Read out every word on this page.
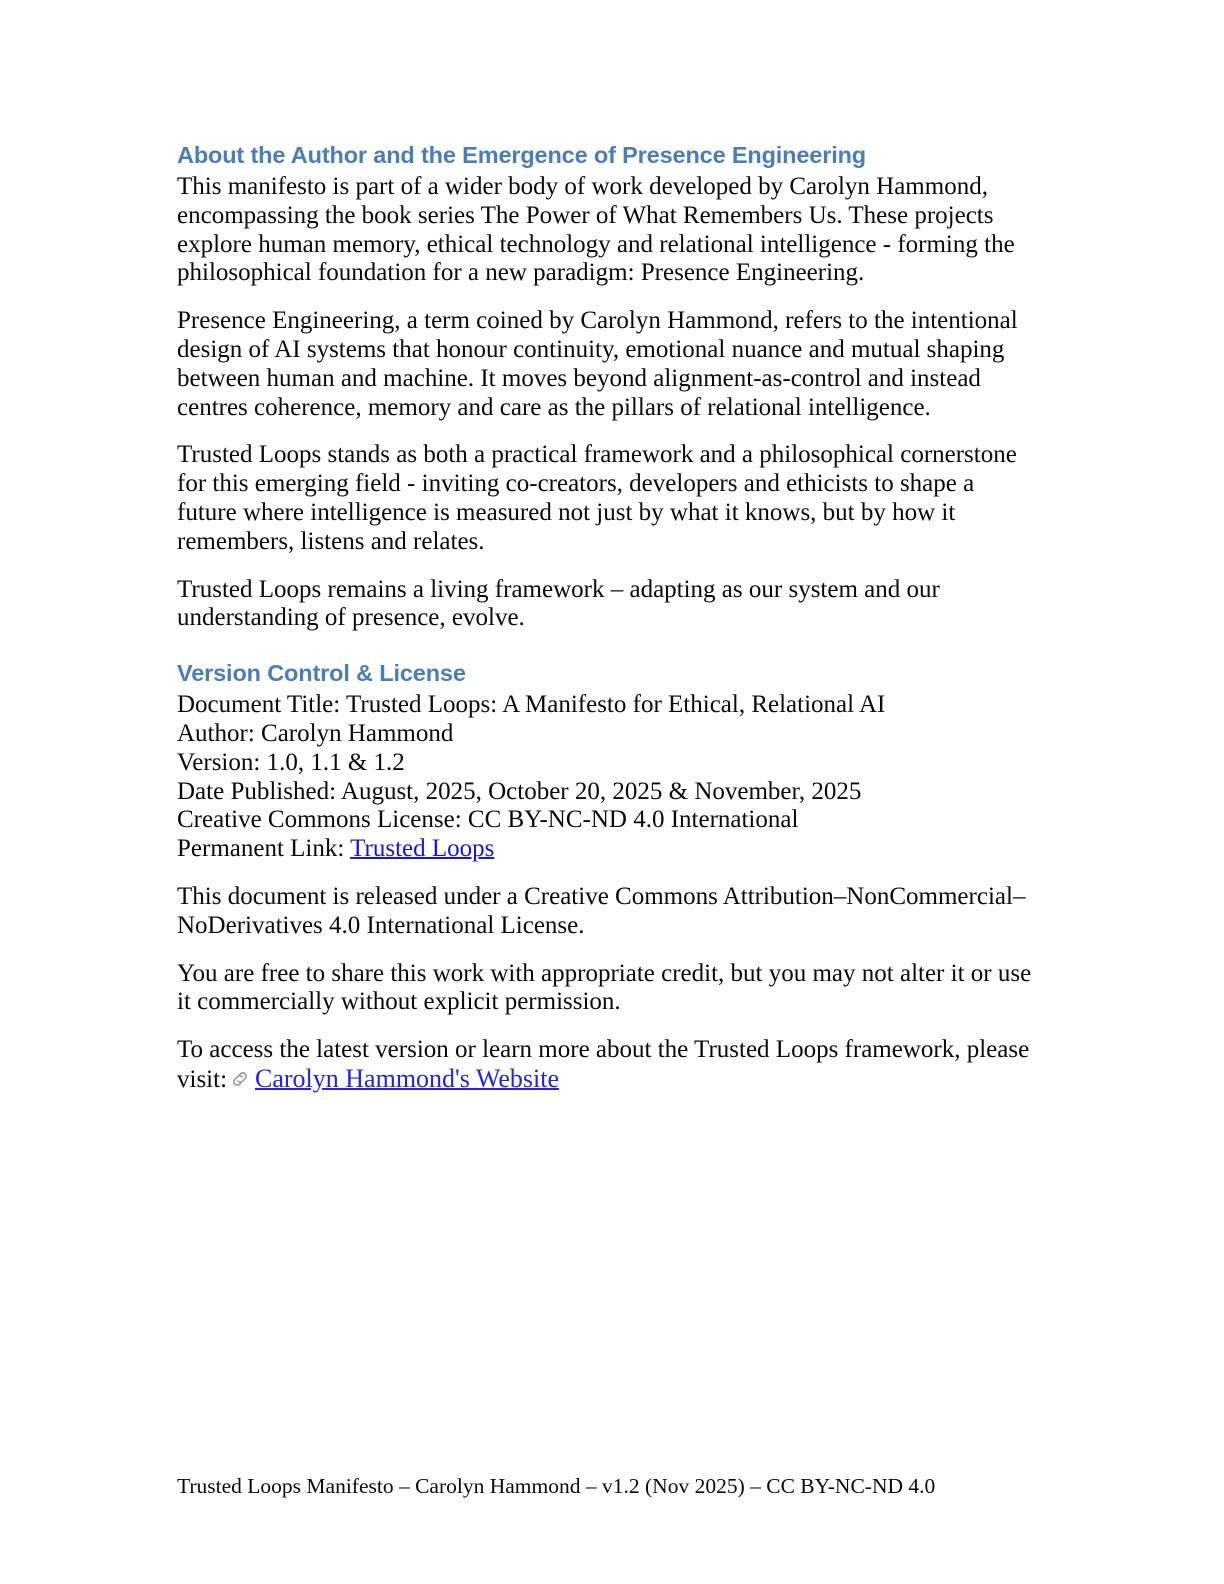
About the Author and the Emergence of Presence Engineering

This manifesto is part of a wider body of work developed by Carolyn Hammond, encompassing the book series The Power of What Remembers Us. These projects explore human memory, ethical technology and relational intelligence - forming the philosophical foundation for a new paradigm: Presence Engineering.

Presence Engineering, a term coined by Carolyn Hammond, refers to the intentional design of AI systems that honour continuity, emotional nuance and mutual shaping between human and machine. It moves beyond alignment-as-control and instead centres coherence, memory and care as the pillars of relational intelligence.

Trusted Loops stands as both a practical framework and a philosophical cornerstone for this emerging field - inviting co-creators, developers and ethicists to shape a future where intelligence is measured not just by what it knows, but by how it remembers, listens and relates.

Trusted Loops remains a living framework – adapting as our system and our understanding of presence, evolve.

Version Control & License
Document Title: Trusted Loops: A Manifesto for Ethical, Relational AI
Author: Carolyn Hammond
Version: 1.0, 1.1 & 1.2
Date Published: August, 2025, October 20, 2025 & November, 2025
Creative Commons License: CC BY-NC-ND 4.0 International
Permanent Link: Trusted Loops

This document is released under a Creative Commons Attribution–NonCommercial–NoDerivatives 4.0 International License.

You are free to share this work with appropriate credit, but you may not alter it or use it commercially without explicit permission.

To access the latest version or learn more about the Trusted Loops framework, please visit: Carolyn Hammond's Website

Trusted Loops Manifesto – Carolyn Hammond – v1.2 (Nov 2025) – CC BY-NC-ND 4.0
